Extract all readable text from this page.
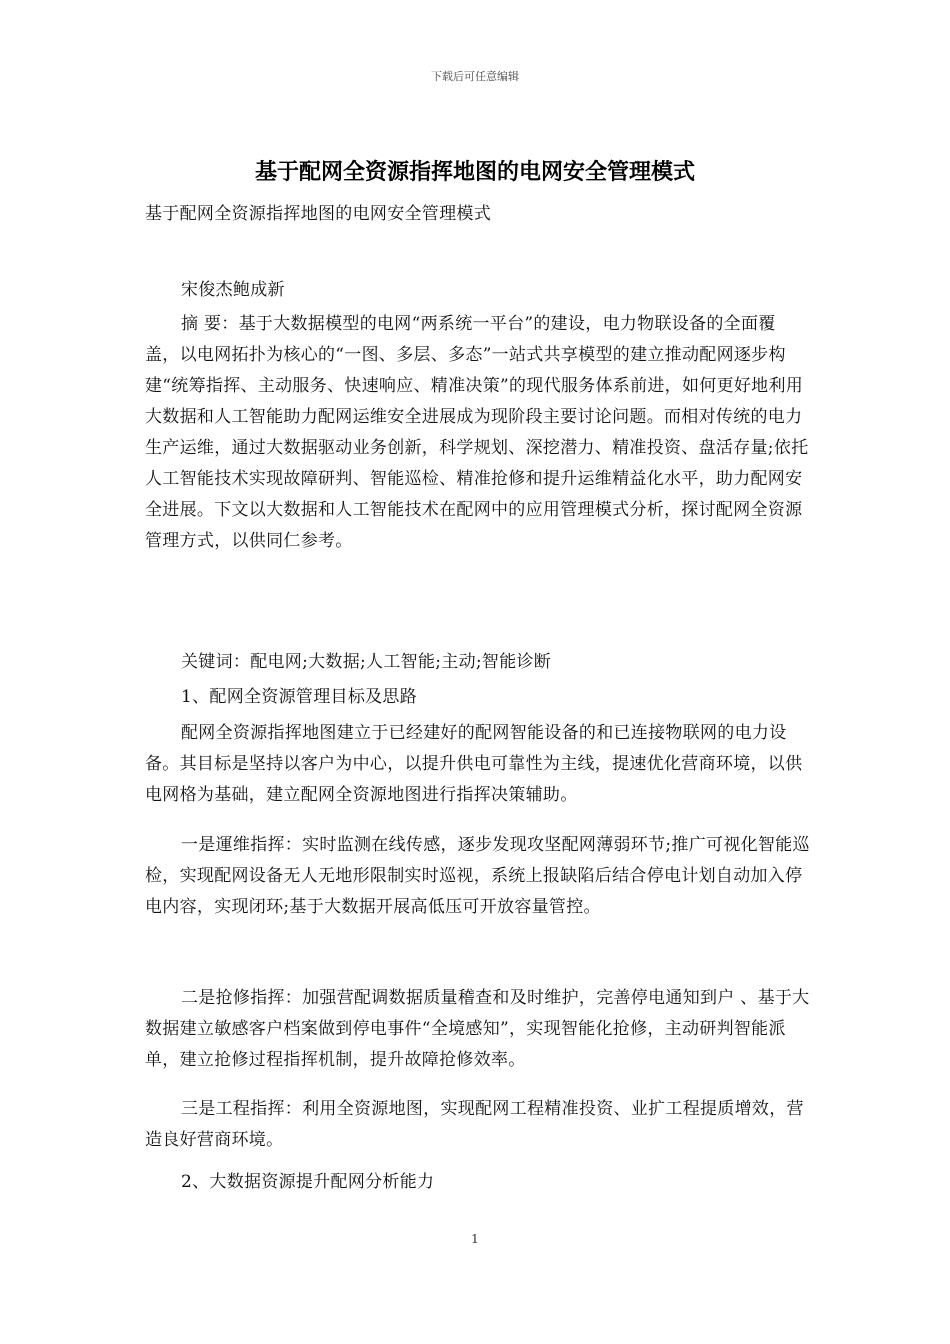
下载后可任意编辑
基于配网全资源指挥地图的电网安全管理模式

基于配网全资源指挥地图的电网安全管理模式

宋俊杰鲍成新

摘 要：基于大数据模型的电网“两系统一平台”的建设，电力物联设备的全面覆盖，以电网拓扑为核心的“一图、多层、多态”一站式共享模型的建立推动配网逐步构建“统筹指挥、主动服务、快速响应、精准决策”的现代服务体系前进，如何更好地利用大数据和人工智能助力配网运维安全进展成为现阶段主要讨论问题。而相对传统的电力生产运维，通过大数据驱动业务创新，科学规划、深挖潜力、精准投资、盘活存量;依托人工智能技术实现故障研判、智能巡检、精准抢修和提升运维精益化水平，助力配网安全进展。下文以大数据和人工智能技术在配网中的应用管理模式分析，探讨配网全资源管理方式，以供同仁参考。

关键词：配电网;大数据;人工智能;主动;智能诊断

1、配网全资源管理目标及思路

配网全资源指挥地图建立于已经建好的配网智能设备的和已连接物联网的电力设备。其目标是坚持以客户为中心，以提升供电可靠性为主线，提速优化营商环境，以供电网格为基础，建立配网全资源地图进行指挥决策辅助。

一是運维指挥：实时监测在线传感，逐步发现攻坚配网薄弱环节;推广可视化智能巡检，实现配网设备无人无地形限制实时巡视，系统上报缺陷后结合停电计划自动加入停电内容，实现闭环;基于大数据开展高低压可开放容量管控。

二是抢修指挥：加强营配调数据质量稽查和及时维护，完善停电通知到户 、基于大数据建立敏感客户档案做到停电事件“全境感知”，实现智能化抢修，主动研判智能派单，建立抢修过程指挥机制，提升故障抢修效率。

三是工程指挥：利用全资源地图，实现配网工程精准投资、业扩工程提质增效，营造良好营商环境。

2、大数据资源提升配网分析能力

1
